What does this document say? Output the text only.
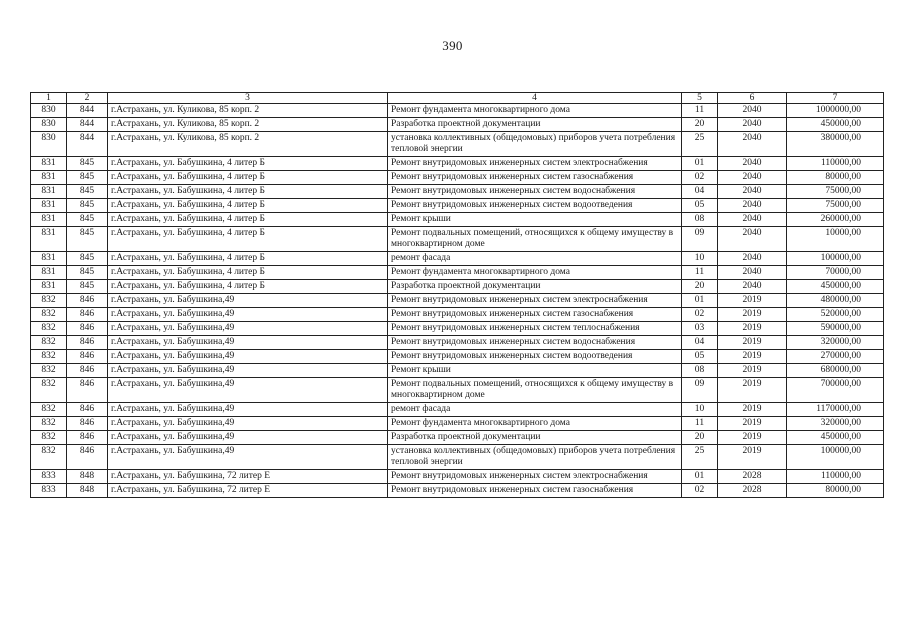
390
1	2	3	4	5	6	7
830	844	г.Астрахань, ул. Куликова, 85 корп. 2	Ремонт фундамента многоквартирного дома	11	2040	1000000,00
830	844	г.Астрахань, ул. Куликова, 85 корп. 2	Разработка проектной документации	20	2040	450000,00
830	844	г.Астрахань, ул. Куликова, 85 корп. 2	установка коллективных (общедомовых) приборов учета потребления тепловой энергии	25	2040	380000,00
831	845	г.Астрахань, ул. Бабушкина, 4 литер Б	Ремонт внутридомовых инженерных систем электроснабжения	01	2040	110000,00
831	845	г.Астрахань, ул. Бабушкина, 4 литер Б	Ремонт внутридомовых инженерных систем газоснабжения	02	2040	80000,00
831	845	г.Астрахань, ул. Бабушкина, 4 литер Б	Ремонт внутридомовых инженерных систем водоснабжения	04	2040	75000,00
831	845	г.Астрахань, ул. Бабушкина, 4 литер Б	Ремонт внутридомовых инженерных систем водоотведения	05	2040	75000,00
831	845	г.Астрахань, ул. Бабушкина, 4 литер Б	Ремонт крыши	08	2040	260000,00
831	845	г.Астрахань, ул. Бабушкина, 4 литер Б	Ремонт подвальных помещений, относящихся к общему имуществу в многоквартирном доме	09	2040	10000,00
831	845	г.Астрахань, ул. Бабушкина, 4 литер Б	ремонт фасада	10	2040	100000,00
831	845	г.Астрахань, ул. Бабушкина, 4 литер Б	Ремонт фундамента многоквартирного дома	11	2040	70000,00
831	845	г.Астрахань, ул. Бабушкина, 4 литер Б	Разработка проектной документации	20	2040	450000,00
832	846	г.Астрахань, ул. Бабушкина,49	Ремонт внутридомовых инженерных систем электроснабжения	01	2019	480000,00
832	846	г.Астрахань, ул. Бабушкина,49	Ремонт внутридомовых инженерных систем газоснабжения	02	2019	520000,00
832	846	г.Астрахань, ул. Бабушкина,49	Ремонт внутридомовых инженерных систем теплоснабжения	03	2019	590000,00
832	846	г.Астрахань, ул. Бабушкина,49	Ремонт внутридомовых инженерных систем водоснабжения	04	2019	320000,00
832	846	г.Астрахань, ул. Бабушкина,49	Ремонт внутридомовых инженерных систем водоотведения	05	2019	270000,00
832	846	г.Астрахань, ул. Бабушкина,49	Ремонт крыши	08	2019	680000,00
832	846	г.Астрахань, ул. Бабушкина,49	Ремонт подвальных помещений, относящихся к общему имуществу в многоквартирном доме	09	2019	700000,00
832	846	г.Астрахань, ул. Бабушкина,49	ремонт фасада	10	2019	1170000,00
832	846	г.Астрахань, ул. Бабушкина,49	Ремонт фундамента многоквартирного дома	11	2019	320000,00
832	846	г.Астрахань, ул. Бабушкина,49	Разработка проектной документации	20	2019	450000,00
832	846	г.Астрахань, ул. Бабушкина,49	установка коллективных (общедомовых) приборов учета потребления тепловой энергии	25	2019	100000,00
833	848	г.Астрахань, ул. Бабушкина, 72 литер Е	Ремонт внутридомовых инженерных систем электроснабжения	01	2028	110000,00
833	848	г.Астрахань, ул. Бабушкина, 72 литер Е	Ремонт внутридомовых инженерных систем газоснабжения	02	2028	80000,00
